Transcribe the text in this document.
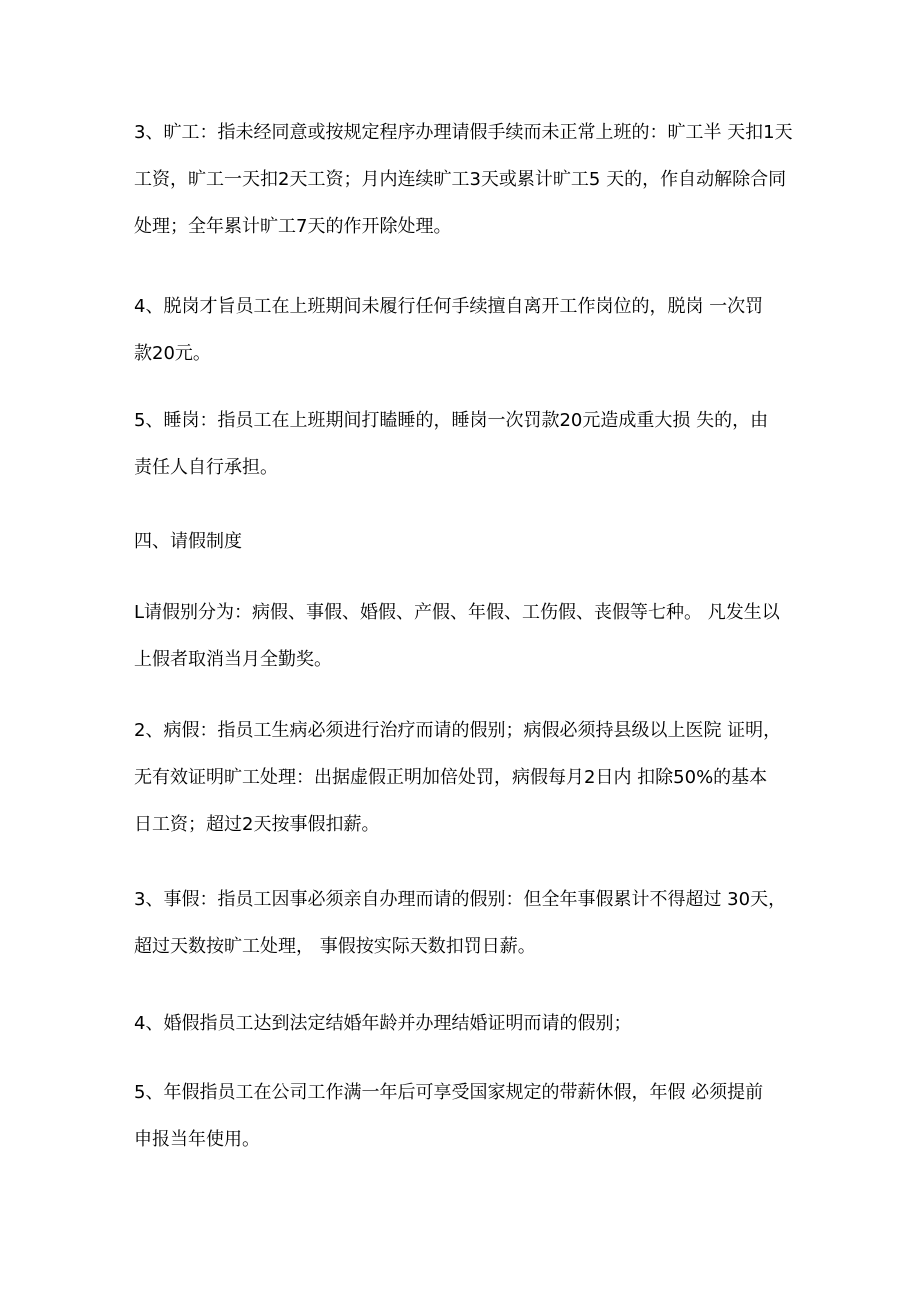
3、旷工：指未经同意或按规定程序办理请假手续而未正常上班的：旷工半 天扣1天
工资，旷工一天扣2天工资；月内连续旷工3天或累计旷工5 天的，作自动解除合同
处理；全年累计旷工7天的作开除处理。
4、脱岗才旨员工在上班期间未履行任何手续擅自离开工作岗位的，脱岗 一次罚
款20元。
5、睡岗：指员工在上班期间打瞌睡的，睡岗一次罚款20元造成重大损 失的，由
责任人自行承担。
四、请假制度
L请假别分为：病假、事假、婚假、产假、年假、工伤假、丧假等七种。 凡发生以
上假者取消当月全勤奖。
2、病假：指员工生病必须进行治疗而请的假别；病假必须持县级以上医院 证明，
无有效证明旷工处理：出据虚假正明加倍处罚，病假每月2日内 扣除50%的基本
日工资；超过2天按事假扣薪。
3、事假：指员工因事必须亲自办理而请的假别：但全年事假累计不得超过 30天，
超过天数按旷工处理， 事假按实际天数扣罚日薪。
4、婚假指员工达到法定结婚年龄并办理结婚证明而请的假别；
5、年假指员工在公司工作满一年后可享受国家规定的带薪休假，年假 必须提前
申报当年使用。
